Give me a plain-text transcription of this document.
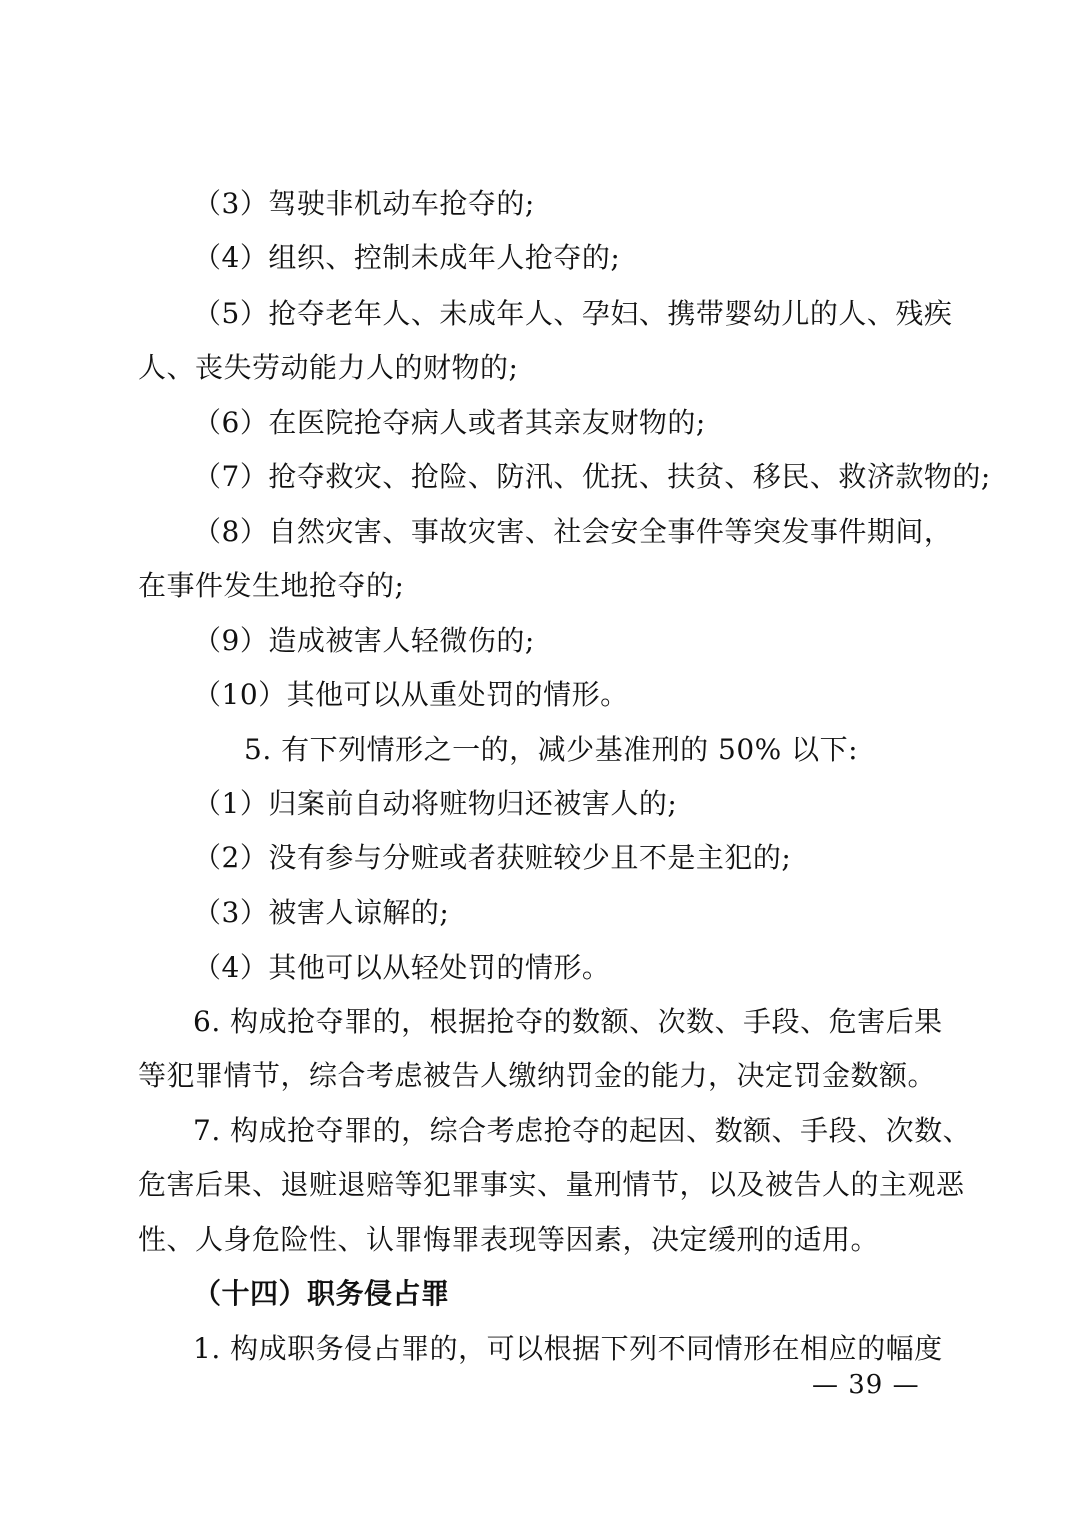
（3）驾驶非机动车抢夺的;
（4）组织、控制未成年人抢夺的;
（5）抢夺老年人、未成年人、孕妇、携带婴幼儿的人、残疾
人、丧失劳动能力人的财物的;
（6）在医院抢夺病人或者其亲友财物的;
（7）抢夺救灾、抢险、防汛、优抚、扶贫、移民、救济款物的;
（8）自然灾害、事故灾害、社会安全事件等突发事件期间，
在事件发生地抢夺的;
（9）造成被害人轻微伤的;
（10）其他可以从重处罚的情形。
5. 有下列情形之一的，减少基准刑的 50% 以下:
（1）归案前自动将赃物归还被害人的;
（2）没有参与分赃或者获赃较少且不是主犯的;
（3）被害人谅解的;
（4）其他可以从轻处罚的情形。
6. 构成抢夺罪的，根据抢夺的数额、次数、手段、危害后果
等犯罪情节，综合考虑被告人缴纳罚金的能力，决定罚金数额。
7. 构成抢夺罪的，综合考虑抢夺的起因、数额、手段、次数、
危害后果、退赃退赔等犯罪事实、量刑情节，以及被告人的主观恶
性、人身危险性、认罪悔罪表现等因素，决定缓刑的适用。
（十四）职务侵占罪
1. 构成职务侵占罪的，可以根据下列不同情形在相应的幅度
— 39 —
